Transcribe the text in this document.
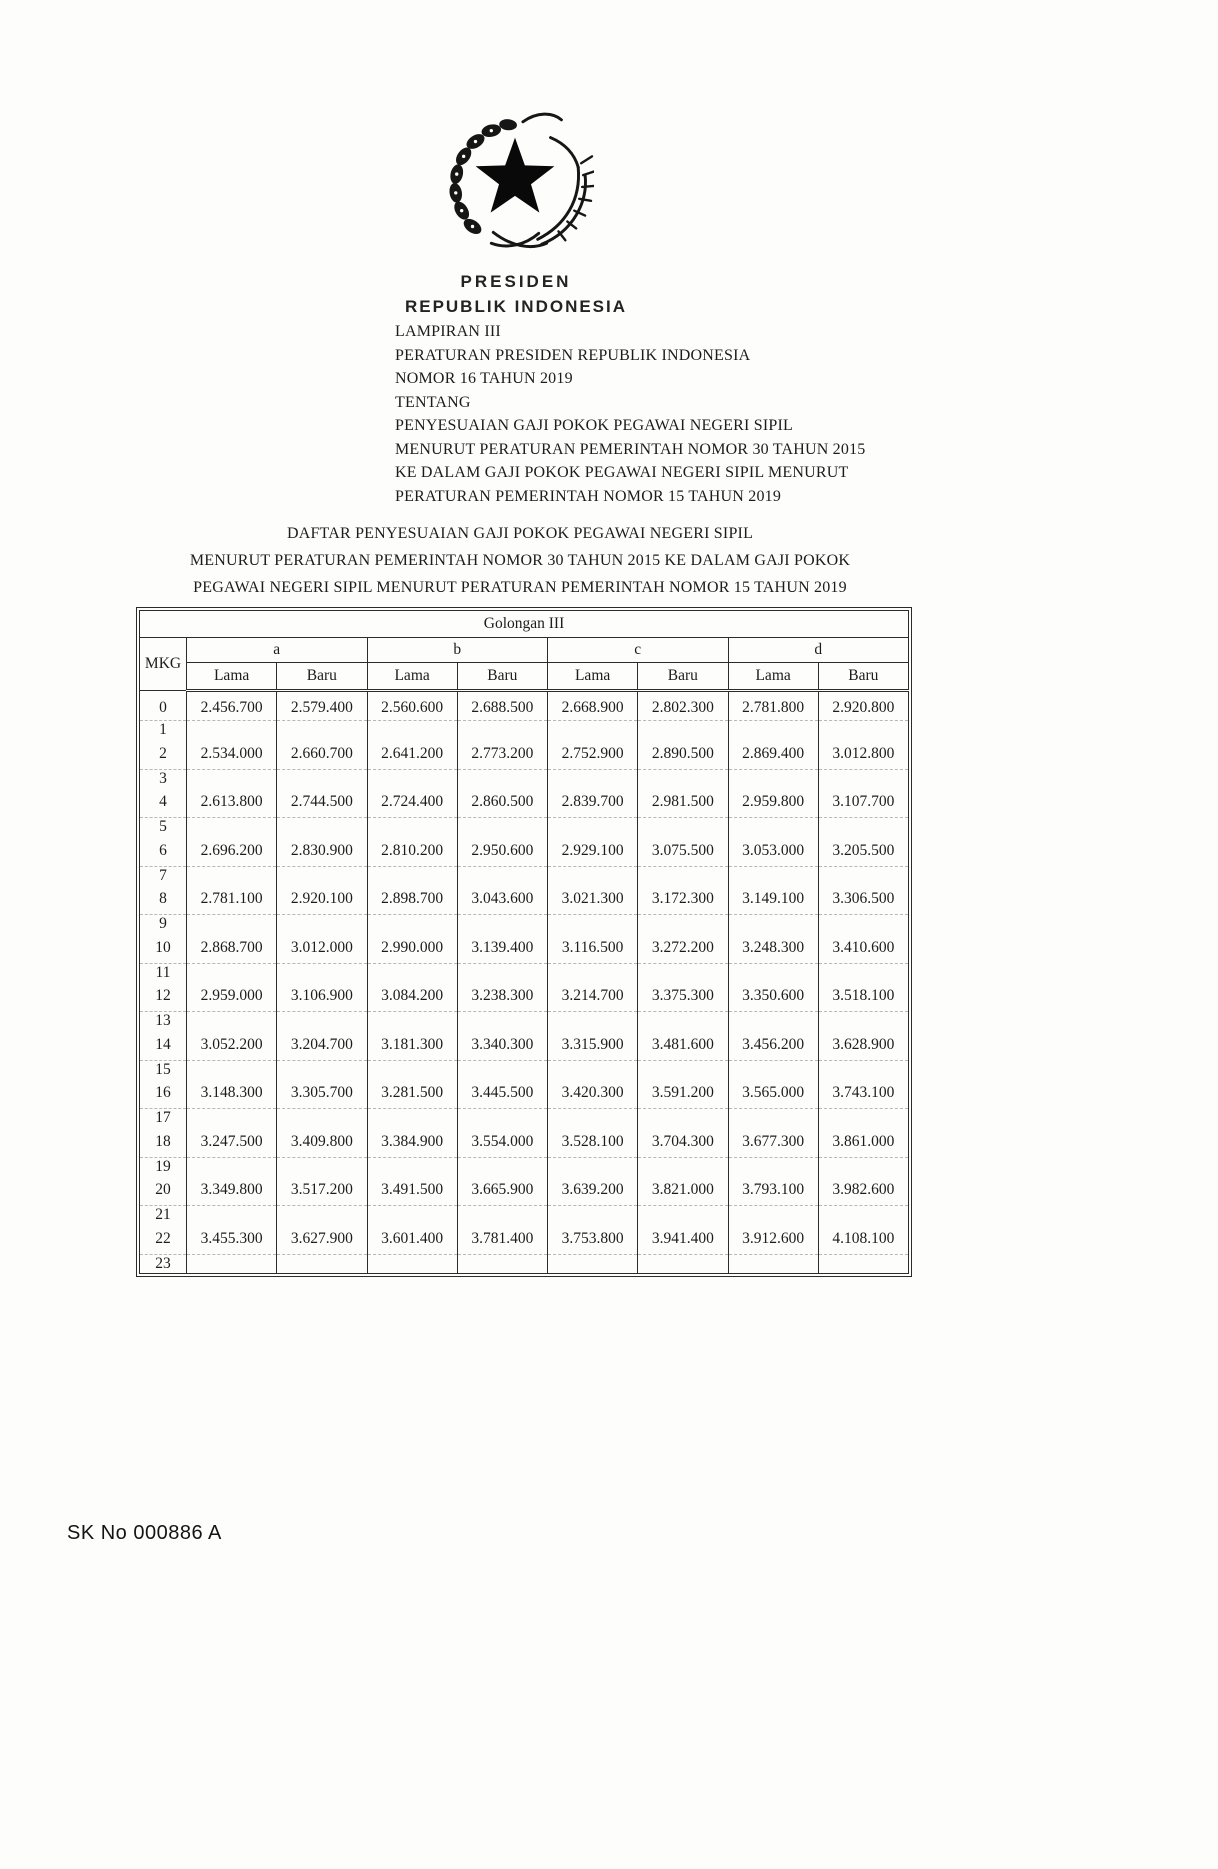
PRESIDEN
REPUBLIK INDONESIA
LAMPIRAN III
PERATURAN PRESIDEN REPUBLIK INDONESIA
NOMOR 16 TAHUN 2019
TENTANG
PENYESUAIAN GAJI POKOK PEGAWAI NEGERI SIPIL
MENURUT PERATURAN PEMERINTAH NOMOR 30 TAHUN 2015
KE DALAM GAJI POKOK PEGAWAI NEGERI SIPIL MENURUT
PERATURAN PEMERINTAH NOMOR 15 TAHUN 2019
DAFTAR PENYESUAIAN GAJI POKOK PEGAWAI NEGERI SIPIL
MENURUT PERATURAN PEMERINTAH NOMOR 30 TAHUN 2015 KE DALAM GAJI POKOK
PEGAWAI NEGERI SIPIL MENURUT PERATURAN PEMERINTAH NOMOR 15 TAHUN 2019
Golongan III								
MKG	a		b		c		d	
	Lama	Baru	Lama	Baru	Lama	Baru	Lama	Baru
0	2.456.700	2.579.400	2.560.600	2.688.500	2.668.900	2.802.300	2.781.800	2.920.800
1								
2	2.534.000	2.660.700	2.641.200	2.773.200	2.752.900	2.890.500	2.869.400	3.012.800
3								
4	2.613.800	2.744.500	2.724.400	2.860.500	2.839.700	2.981.500	2.959.800	3.107.700
5								
6	2.696.200	2.830.900	2.810.200	2.950.600	2.929.100	3.075.500	3.053.000	3.205.500
7								
8	2.781.100	2.920.100	2.898.700	3.043.600	3.021.300	3.172.300	3.149.100	3.306.500
9								
10	2.868.700	3.012.000	2.990.000	3.139.400	3.116.500	3.272.200	3.248.300	3.410.600
11								
12	2.959.000	3.106.900	3.084.200	3.238.300	3.214.700	3.375.300	3.350.600	3.518.100
13								
14	3.052.200	3.204.700	3.181.300	3.340.300	3.315.900	3.481.600	3.456.200	3.628.900
15								
16	3.148.300	3.305.700	3.281.500	3.445.500	3.420.300	3.591.200	3.565.000	3.743.100
17								
18	3.247.500	3.409.800	3.384.900	3.554.000	3.528.100	3.704.300	3.677.300	3.861.000
19								
20	3.349.800	3.517.200	3.491.500	3.665.900	3.639.200	3.821.000	3.793.100	3.982.600
21								
22	3.455.300	3.627.900	3.601.400	3.781.400	3.753.800	3.941.400	3.912.600	4.108.100
23								
SK No 000886 A
